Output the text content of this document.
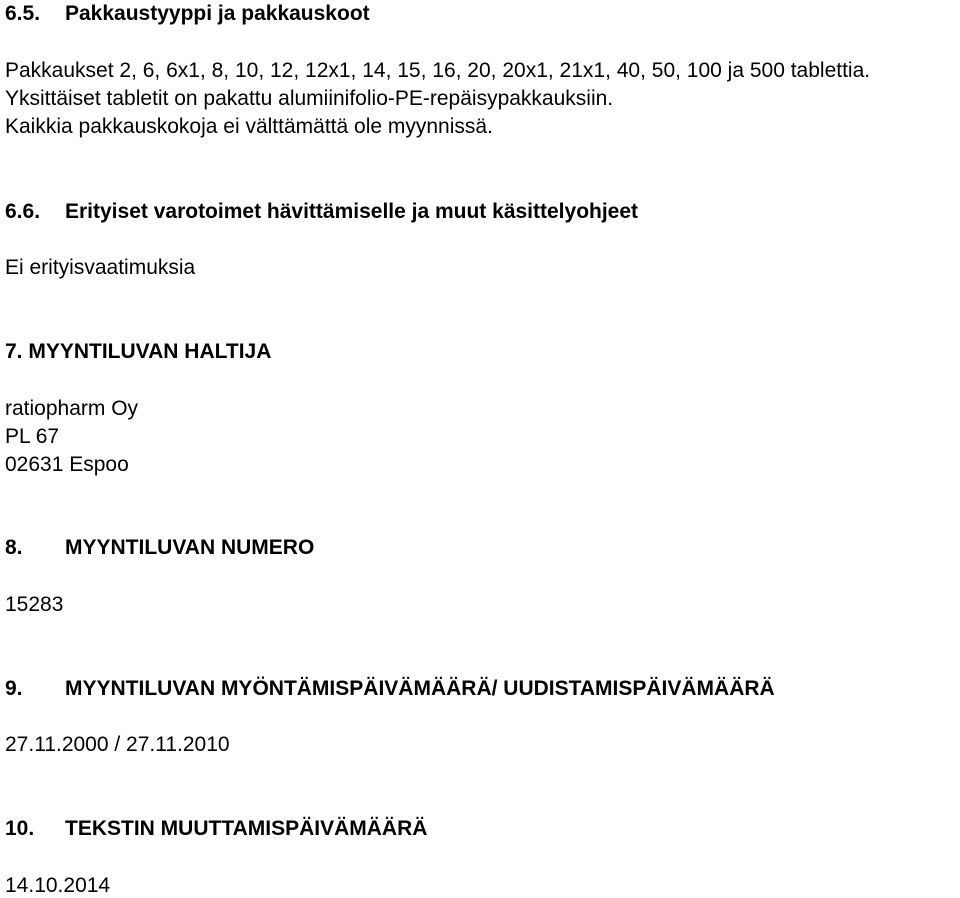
6.5. Pakkaustyyppi ja pakkauskoot
Pakkaukset 2, 6, 6x1, 8, 10, 12, 12x1, 14, 15, 16, 20, 20x1, 21x1, 40, 50, 100 ja 500 tablettia.
Yksittäiset tabletit on pakattu alumiinifolio-PE-repäisypakkauksiin.
Kaikkia pakkauskokoja ei välttämättä ole myynnissä.
6.6. Erityiset varotoimet hävittämiselle ja muut käsittelyohjeet
Ei erityisvaatimuksia
7. MYYNTILUVAN HALTIJA
ratiopharm Oy
PL 67
02631 Espoo
8. MYYNTILUVAN NUMERO
15283
9. MYYNTILUVAN MYÖNTÄMISPÄIVÄMÄÄRÄ/ UUDISTAMISPÄIVÄMÄÄRÄ
27.11.2000 / 27.11.2010
10. TEKSTIN MUUTTAMISPÄIVÄMÄÄRÄ
14.10.2014
